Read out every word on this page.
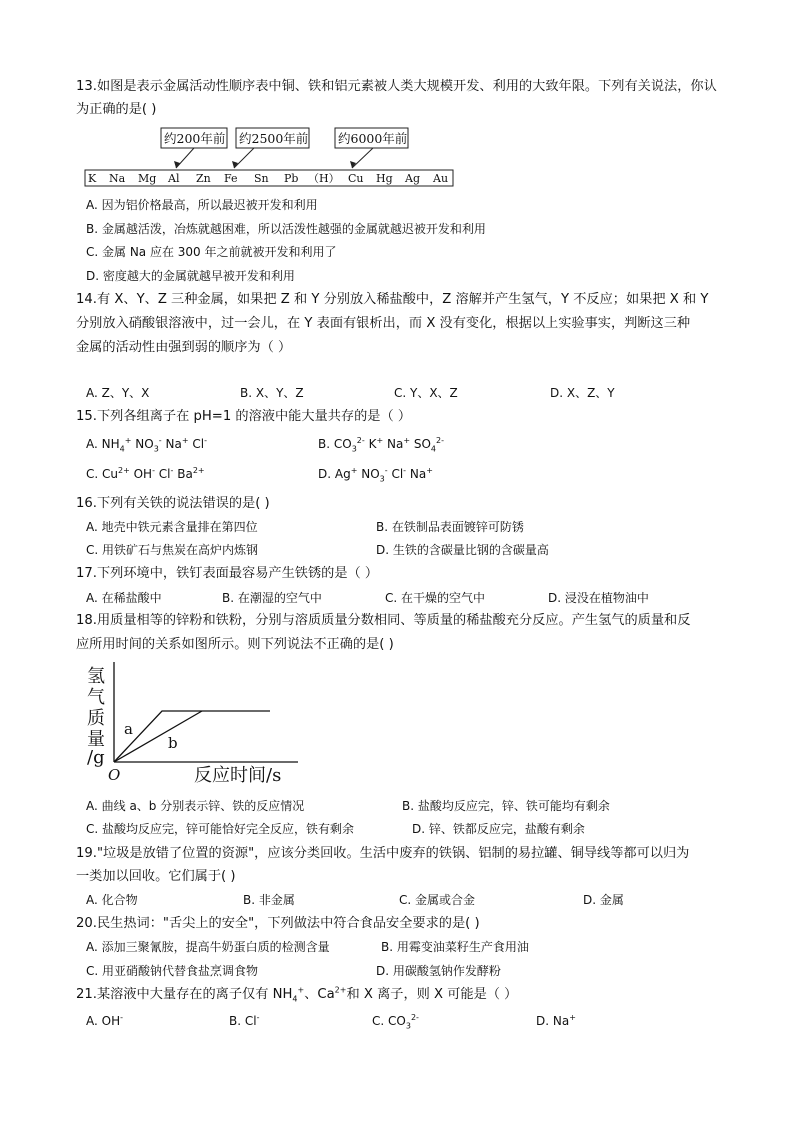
13.如图是表示金属活动性顺序表中铜、铁和铝元素被人类大规模开发、利用的大致年限。下列有关说法，你认为正确的是( )
约200年前 约2500年前 约6000年前
K Na Mg Al Zn Fe Sn Pb （H） Cu Hg Ag Au
A. 因为铝价格最高，所以最迟被开发和利用
B. 金属越活泼，冶炼就越困难，所以活泼性越强的金属就越迟被开发和利用
C. 金属 Na 应在 300 年之前就被开发和利用了
D. 密度越大的金属就越早被开发和利用
14.有 X、Y、Z 三种金属，如果把 Z 和 Y 分别放入稀盐酸中，Z 溶解并产生氢气，Y 不反应；如果把 X 和 Y
分别放入硝酸银溶液中，过一会儿，在 Y 表面有银析出，而 X 没有变化，根据以上实验事实，判断这三种
金属的活动性由强到弱的顺序为（ ）
A. Z、Y、X	B. X、Y、Z	C. Y、X、Z	D. X、Z、Y
15.下列各组离子在 pH=1 的溶液中能大量共存的是（ ）
A. $NH_4^+$ $NO_3^-$ Na+ Cl-	B. $CO_3^{2-}$ K+ Na+ $SO_4^{2-}$
C. $Cu^{2+}$ OH- Cl- $Ba^{2+}$	D. Ag+ $NO_3^-$ Cl- Na+
16.下列有关铁的说法错误的是( )
A. 地壳中铁元素含量排在第四位	B. 在铁制品表面镀锌可防锈
C. 用铁矿石与焦炭在高炉内炼钢	D. 生铁的含碳量比钢的含碳量高
17.下列环境中，铁钉表面最容易产生铁锈的是（ ）
A. 在稀盐酸中	B. 在潮湿的空气中	C. 在干燥的空气中	D. 浸没在植物油中
18.用质量相等的锌粉和铁粉，分别与溶质质量分数相同、等质量的稀盐酸充分反应。产生氢气的质量和反
应所用时间的关系如图所示。则下列说法不正确的是( )
氢
气
质
量
/g
a
b
O	反应时间/s
A. 曲线 a、b 分别表示锌、铁的反应情况	B. 盐酸均反应完，锌、铁可能均有剩余
C. 盐酸均反应完，锌可能恰好完全反应，铁有剩余	D. 锌、铁都反应完，盐酸有剩余
19."垃圾是放错了位置的资源"，应该分类回收。生活中废弃的铁锅、铝制的易拉罐、铜导线等都可以归为
一类加以回收。它们属于( )
A. 化合物	B. 非金属	C. 金属或合金	D. 金属
20.民生热词："舌尖上的安全"，下列做法中符合食品安全要求的是( )
A. 添加三聚氰胺，提高牛奶蛋白质的检测含量	B. 用霉变油菜籽生产食用油
C. 用亚硝酸钠代替食盐烹调食物	D. 用碳酸氢钠作发酵粉
21.某溶液中大量存在的离子仅有 $NH_4^+$、$Ca^{2+}$和 X 离子，则 X 可能是（ ）
A. OH-	B. Cl-	C. $CO_3^{2-}$	D. Na+
